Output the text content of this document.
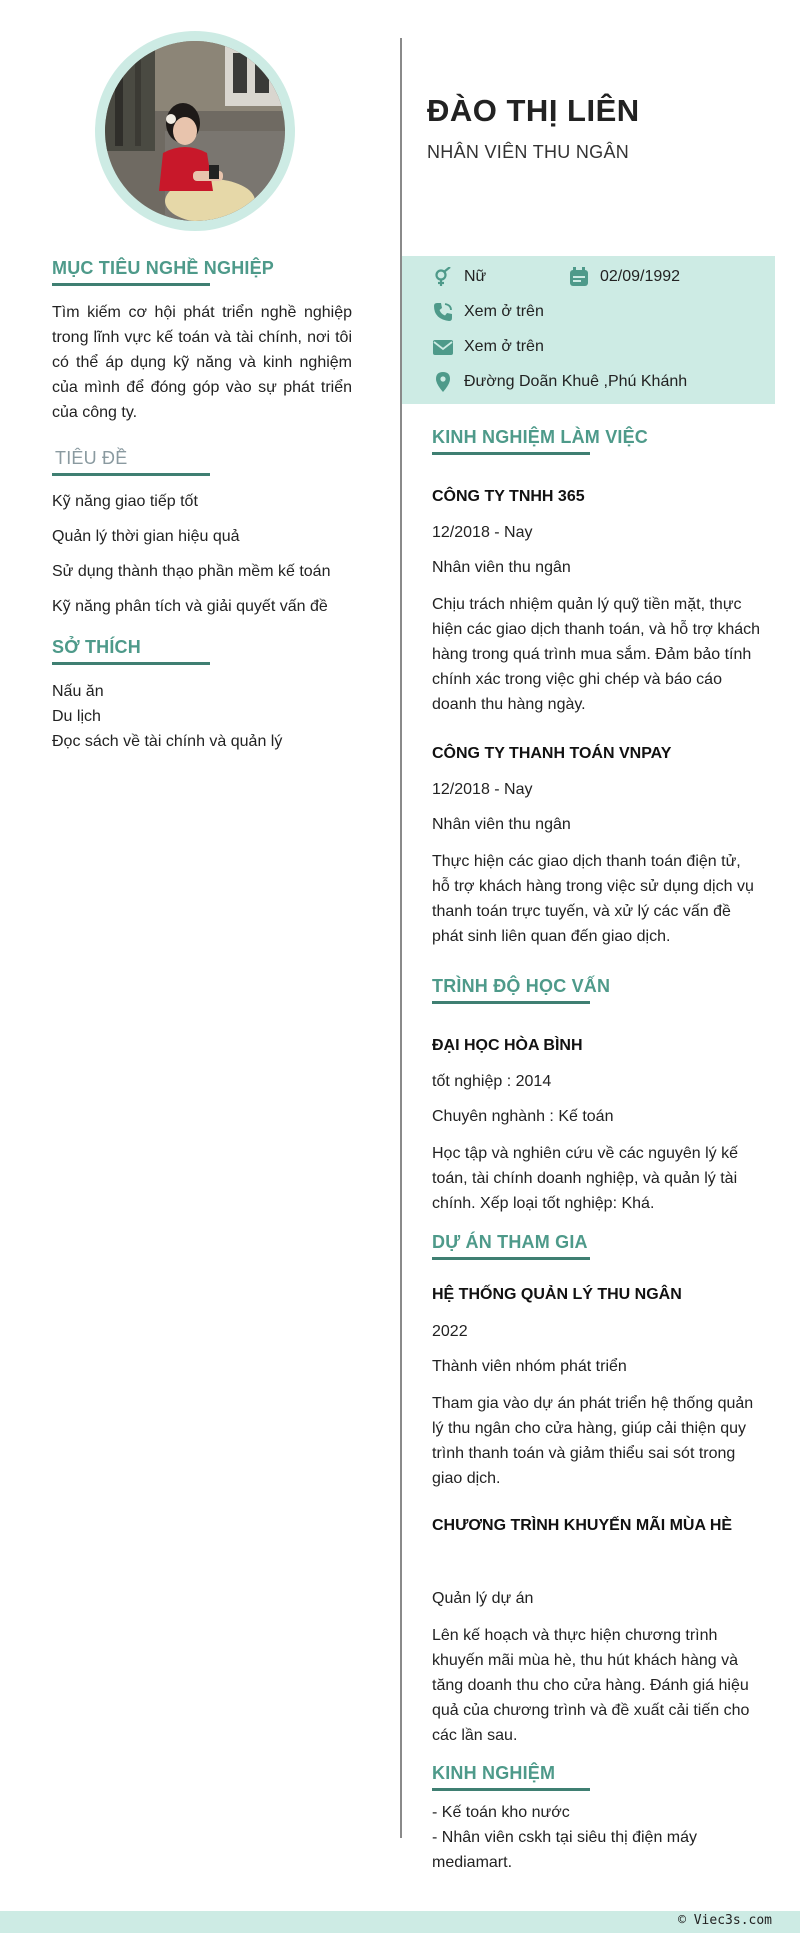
MỤC TIÊU NGHỀ NGHIỆP
Tìm kiếm cơ hội phát triển nghề nghiệp trong lĩnh vực kế toán và tài chính, nơi tôi có thể áp dụng kỹ năng và kinh nghiệm của mình để đóng góp vào sự phát triển của công ty.
TIÊU ĐỀ
Kỹ năng giao tiếp tốt
Quản lý thời gian hiệu quả
Sử dụng thành thạo phần mềm kế toán
Kỹ năng phân tích và giải quyết vấn đề
SỞ THÍCH
Nấu ăn
Du lịch
Đọc sách về tài chính và quản lý
ĐÀO THỊ LIÊN
NHÂN VIÊN THU NGÂN
Nữ	02/09/1992
Xem ở trên
Xem ở trên
Đường Doãn Khuê ,Phú Khánh
KINH NGHIỆM LÀM VIỆC
CÔNG TY TNHH 365
12/2018 - Nay
Nhân viên thu ngân
Chịu trách nhiệm quản lý quỹ tiền mặt, thực hiện các giao dịch thanh toán, và hỗ trợ khách hàng trong quá trình mua sắm. Đảm bảo tính chính xác trong việc ghi chép và báo cáo doanh thu hàng ngày.
CÔNG TY THANH TOÁN VNPAY
12/2018 - Nay
Nhân viên thu ngân
Thực hiện các giao dịch thanh toán điện tử, hỗ trợ khách hàng trong việc sử dụng dịch vụ thanh toán trực tuyến, và xử lý các vấn đề phát sinh liên quan đến giao dịch.
TRÌNH ĐỘ HỌC VẤN
ĐẠI HỌC HÒA BÌNH
tốt nghiệp : 2014
Chuyên nghành : Kế toán
Học tập và nghiên cứu về các nguyên lý kế toán, tài chính doanh nghiệp, và quản lý tài chính. Xếp loại tốt nghiệp: Khá.
DỰ ÁN THAM GIA
HỆ THỐNG QUẢN LÝ THU NGÂN
2022
Thành viên nhóm phát triển
Tham gia vào dự án phát triển hệ thống quản lý thu ngân cho cửa hàng, giúp cải thiện quy trình thanh toán và giảm thiểu sai sót trong giao dịch.
CHƯƠNG TRÌNH KHUYẾN MÃI MÙA HÈ
Quản lý dự án
Lên kế hoạch và thực hiện chương trình khuyến mãi mùa hè, thu hút khách hàng và tăng doanh thu cho cửa hàng. Đánh giá hiệu quả của chương trình và đề xuất cải tiến cho các lần sau.
KINH NGHIỆM
- Kế toán kho nước
- Nhân viên cskh tại siêu thị điện máy mediamart.
© Viec3s.com
